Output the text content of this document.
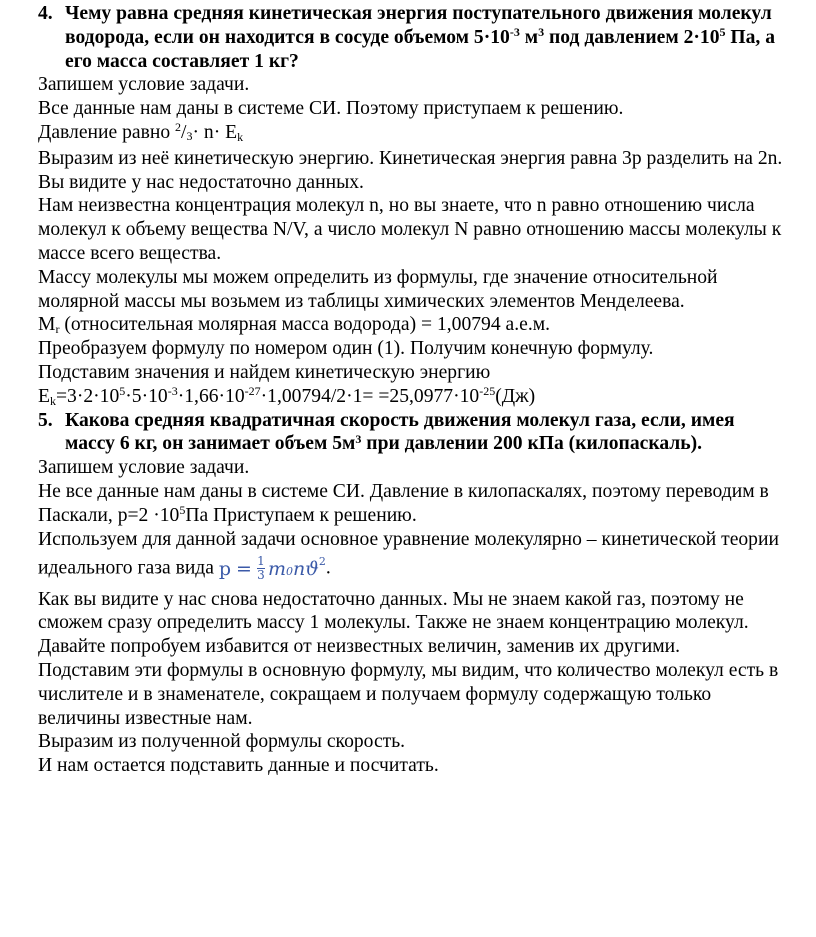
4. Чему равна средняя кинетическая энергия поступательного движения молекул водорода, если он находится в сосуде объемом $5\cdot 10^{-3}$ $м^3$ под давлением $2\cdot 10^5$ Па, а его масса составляет 1 кг?

Запишем условие задачи.

Все данные нам даны в системе СИ. Поэтому приступаем к решению.

Давление равно $^2/3\cdot n\cdot E_k$

Выразим из неё кинетическую энергию. Кинетическая энергия равна 3р разделить на 2n.

Вы видите у нас недостаточно данных.

Нам неизвестна концентрация молекул n, но вы знаете, что n равно отношению числа молекул к объему вещества N/V, а число молекул N равно отношению массы молекулы к массе всего вещества.

Массу молекулы мы можем определить из формулы, где значение относительной молярной массы мы возьмем из таблицы химических элементов Менделеева.

$M_r$ (относительная молярная масса водорода) = 1,00794 а.е.м.

Преобразуем формулу по номером один (1). Получим конечную формулу.

Подставим значения и найдем кинетическую энергию

$E_k=3\cdot 2\cdot 10^5\cdot 5\cdot 10^{-3}\cdot 1,66\cdot 10^{-27}\cdot 1,00794/2\cdot 1= =25,0977\cdot 10^{-25}(Дж)$

5. Какова средняя квадратичная скорость движения молекул газа, если, имея массу 6 кг, он занимает объем $5м^3$ при давлении 200 кПа (килопаскаль).

Запишем условие задачи.

Не все данные нам даны в системе СИ. Давление в килопаскалях, поэтому переводим в Паскали, $р=2 \cdot 10^5Па$ Приступаем к решению.

Используем для данной задачи основное уравнение молекулярно – кинетической теории идеального газа вида p = 1
3 m 0 n ϑ 2 .

Как вы видите у нас снова недостаточно данных. Мы не знаем какой газ, поэтому не сможем сразу определить массу 1 молекулы. Также не знаем концентрацию молекул. Давайте попробуем избавится от неизвестных величин, заменив их другими.

Подставим эти формулы в основную формулу, мы видим, что количество молекул есть в числителе и в знаменателе, сокращаем и получаем формулу содержащую только величины известные нам.

Выразим из полученной формулы скорость.

И нам остается подставить данные и посчитать.
